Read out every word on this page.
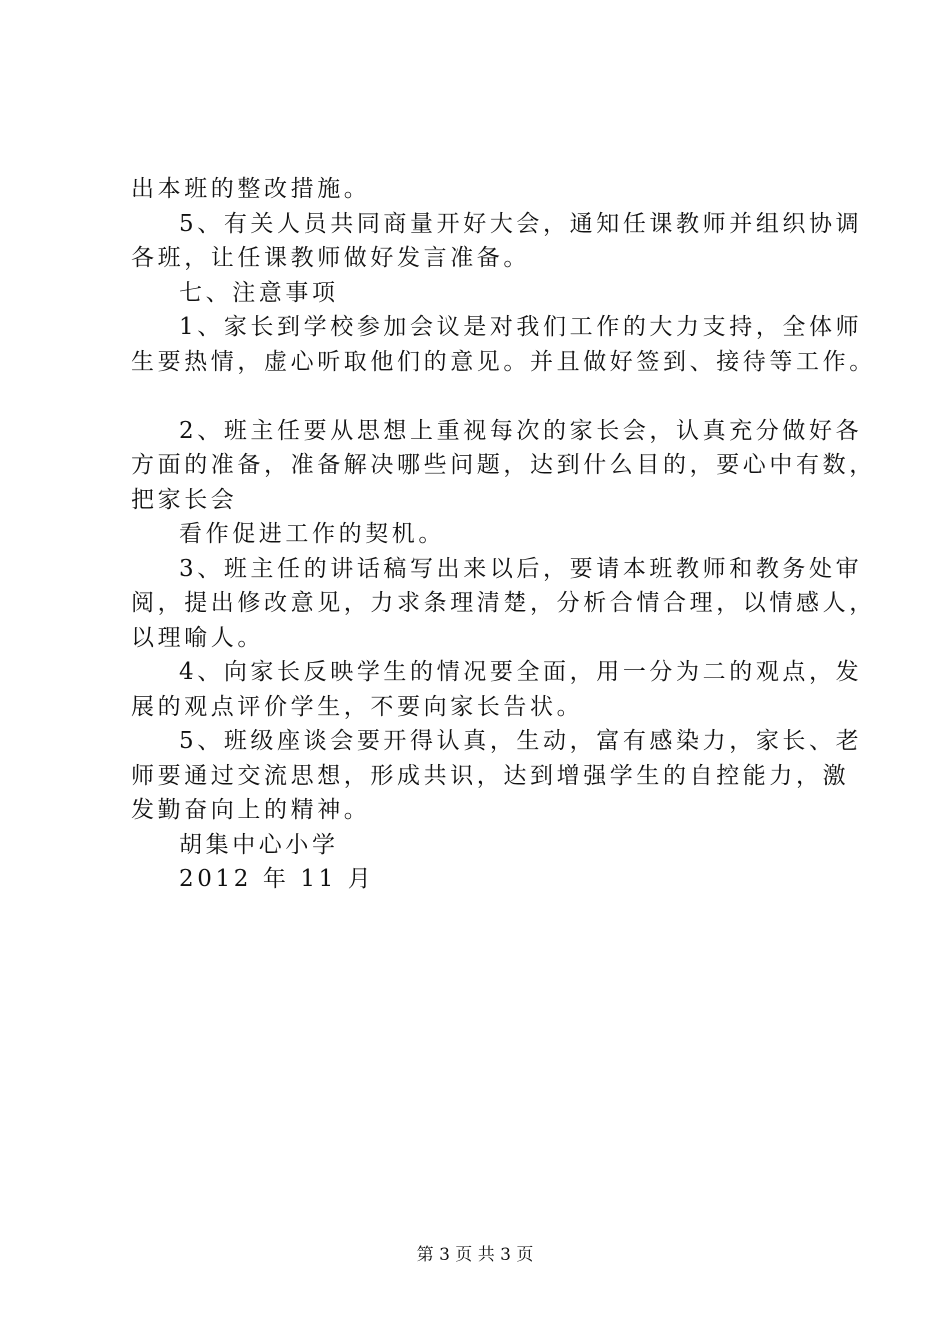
出本班的整改措施。
5、有关人员共同商量开好大会，通知任课教师并组织协调
各班，让任课教师做好发言准备。
七、注意事项
1、家长到学校参加会议是对我们工作的大力支持，全体师
生要热情，虚心听取他们的意见。并且做好签到、接待等工作。
2、班主任要从思想上重视每次的家长会，认真充分做好各
方面的准备，准备解决哪些问题，达到什么目的，要心中有数，
把家长会
看作促进工作的契机。
3、班主任的讲话稿写出来以后，要请本班教师和教务处审
阅，提出修改意见，力求条理清楚，分析合情合理，以情感人，
以理喻人。
4、向家长反映学生的情况要全面，用一分为二的观点，发
展的观点评价学生，不要向家长告状。
5、班级座谈会要开得认真，生动，富有感染力，家长、老
师要通过交流思想，形成共识，达到增强学生的自控能力，激
发勤奋向上的精神。
胡集中心小学
2012 年 11 月
第 3 页 共 3 页
